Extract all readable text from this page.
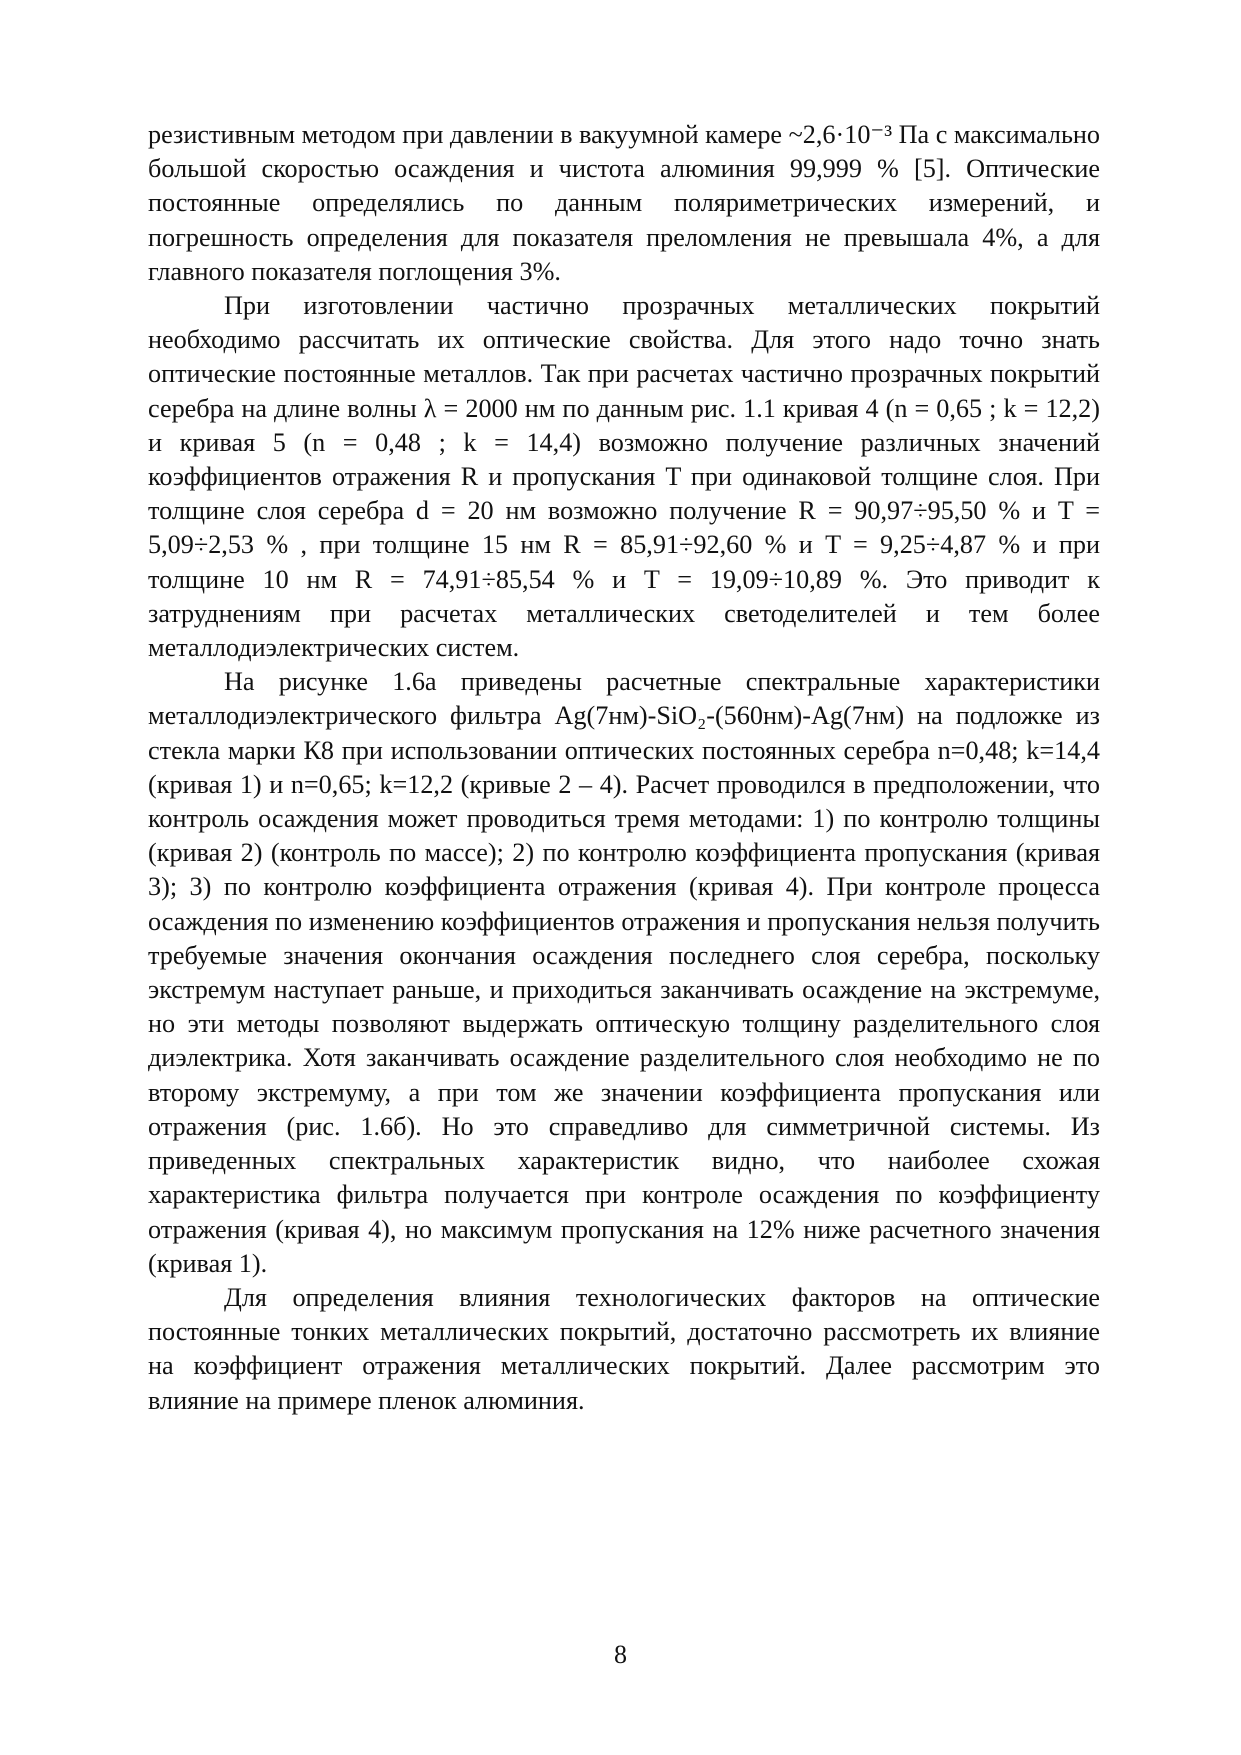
резистивным методом при давлении в вакуумной камере ~2,6·10⁻³ Па с максимально большой скоростью осаждения и чистота алюминия 99,999 % [5]. Оптические постоянные определялись по данным поляриметрических измерений, и погрешность определения для показателя преломления не превышала 4%, а для главного показателя поглощения 3%.

При изготовлении частично прозрачных металлических покрытий необходимо рассчитать их оптические свойства. Для этого надо точно знать оптические постоянные металлов. Так при расчетах частично прозрачных покрытий серебра на длине волны λ = 2000 нм по данным рис. 1.1 кривая 4 (n = 0,65 ; k = 12,2) и кривая 5 (n = 0,48 ; k = 14,4) возможно получение различных значений коэффициентов отражения R и пропускания T при одинаковой толщине слоя. При толщине слоя серебра d = 20 нм возможно получение R = 90,97÷95,50 % и T = 5,09÷2,53 % , при толщине 15 нм R = 85,91÷92,60 % и T = 9,25÷4,87 % и при толщине 10 нм R = 74,91÷85,54 % и T = 19,09÷10,89 %. Это приводит к затруднениям при расчетах металлических светоделителей и тем более металлодиэлектрических систем.

На рисунке 1.6а приведены расчетные спектральные характеристики металлодиэлектрического фильтра Ag(7нм)-SiO₂-(560нм)-Ag(7нм) на подложке из стекла марки К8 при использовании оптических постоянных серебра n=0,48; k=14,4 (кривая 1) и n=0,65; k=12,2 (кривые 2 – 4). Расчет проводился в предположении, что контроль осаждения может проводиться тремя методами: 1) по контролю толщины (кривая 2) (контроль по массе); 2) по контролю коэффициента пропускания (кривая 3); 3) по контролю коэффициента отражения (кривая 4). При контроле процесса осаждения по изменению коэффициентов отражения и пропускания нельзя получить требуемые значения окончания осаждения последнего слоя серебра, поскольку экстремум наступает раньше, и приходиться заканчивать осаждение на экстремуме, но эти методы позволяют выдержать оптическую толщину разделительного слоя диэлектрика. Хотя заканчивать осаждение разделительного слоя необходимо не по второму экстремуму, а при том же значении коэффициента пропускания или отражения (рис. 1.6б). Но это справедливо для симметричной системы. Из приведенных спектральных характеристик видно, что наиболее схожая характеристика фильтра получается при контроле осаждения по коэффициенту отражения (кривая 4), но максимум пропускания на 12% ниже расчетного значения (кривая 1).

Для определения влияния технологических факторов на оптические постоянные тонких металлических покрытий, достаточно рассмотреть их влияние на коэффициент отражения металлических покрытий. Далее рассмотрим это влияние на примере пленок алюминия.

8
